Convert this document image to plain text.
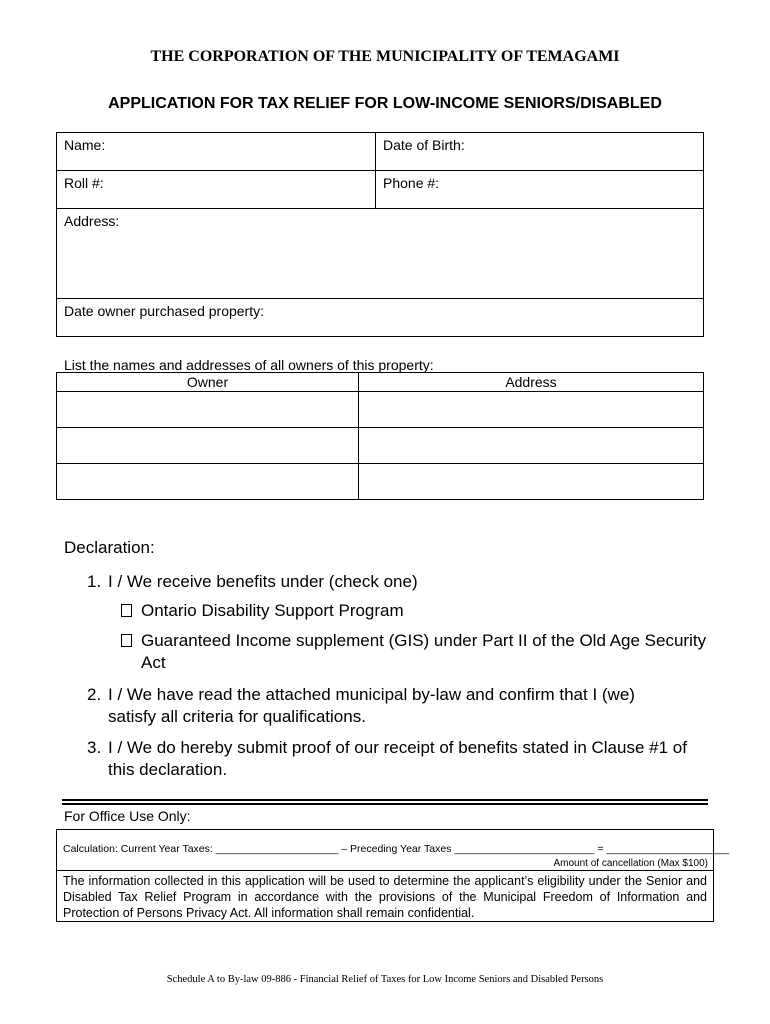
THE CORPORATION OF THE MUNICIPALITY OF TEMAGAMI
APPLICATION FOR TAX RELIEF FOR LOW-INCOME SENIORS/DISABLED
Name:	Date of Birth:
Roll #:	Phone #:
Address:	
Date owner purchased property:	
List the names and addresses of all owners of this property:
Owner	Address

Declaration:
1. I / We receive benefits under (check one)
Ontario Disability Support Program
Guaranteed Income supplement (GIS) under Part II of the Old Age Security Act
2. I / We have read the attached municipal by-law and confirm that I (we) satisfy all criteria for qualifications.
3. I / We do hereby submit proof of our receipt of benefits stated in Clause #1 of this declaration.
For Office Use Only:
Calculation: Current Year Taxes: _____________________ – Preceding Year Taxes ________________________ = _____________________
Amount of cancellation (Max $100)
The information collected in this application will be used to determine the applicant’s eligibility under the Senior and Disabled Tax Relief Program in accordance with the provisions of the Municipal Freedom of Information and Protection of Persons Privacy Act. All information shall remain confidential.
Schedule A to By-law 09-886 - Financial Relief of Taxes for Low Income Seniors and Disabled Persons
